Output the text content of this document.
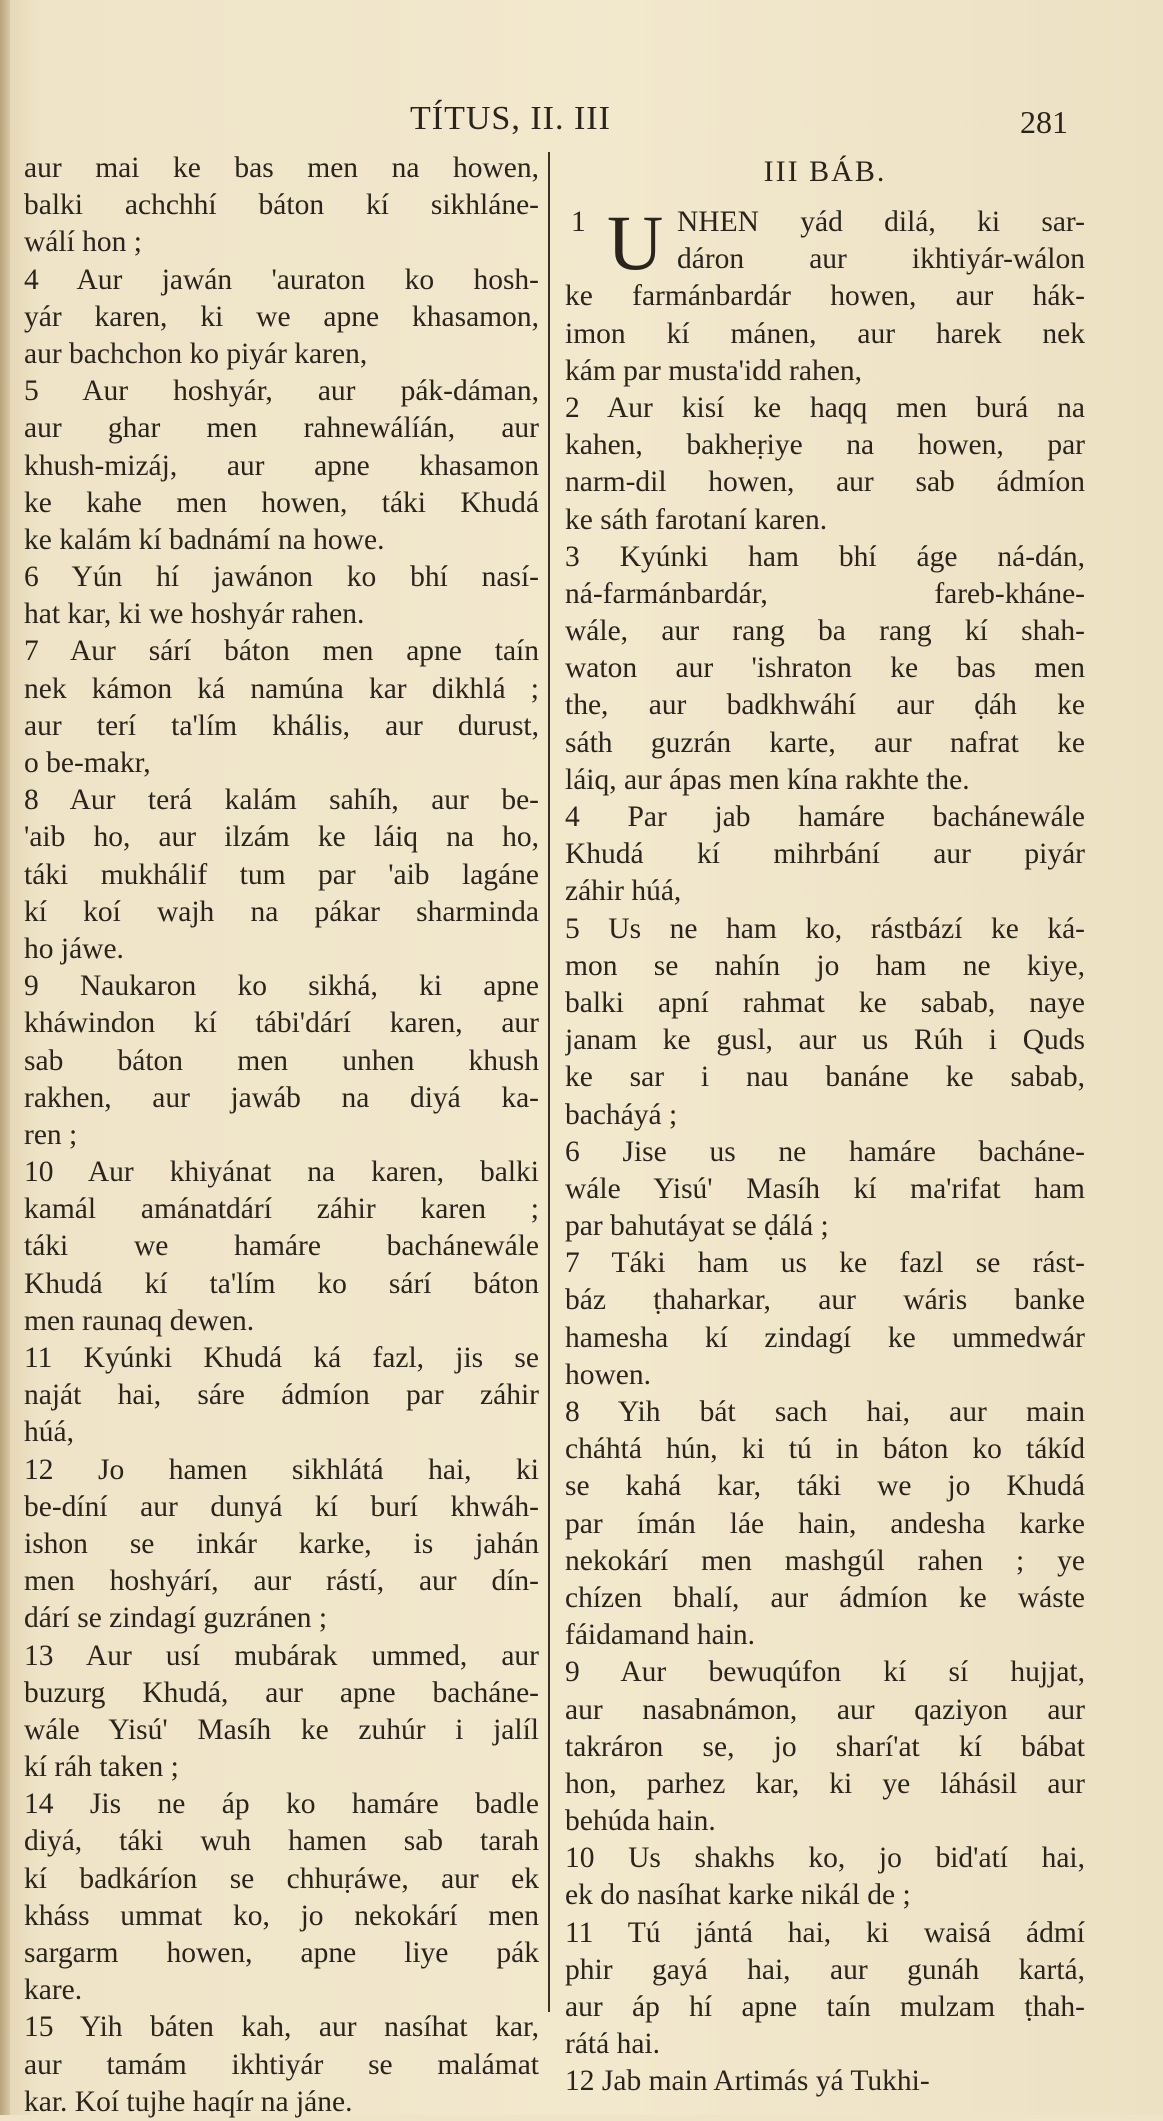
TÍTUS, II. III	281
aur mai ke bas men na howen,
balki achchhí báton kí sikhláne-
wálí hon ;
4 Aur jawán 'auraton ko hosh-
yár karen, ki we apne khasamon,
aur bachchon ko piyár karen,
5 Aur hoshyár, aur pák-dáman,
aur ghar men rahnewálíán, aur
khush-mizáj, aur apne khasamon
ke kahe men howen, táki Khudá
ke kalám kí badnámí na howe.
6 Yún hí jawánon ko bhí nasí-
hat kar, ki we hoshyár rahen.
7 Aur sárí báton men apne taín
nek kámon ká namúna kar dikhlá ;
aur terí ta'lím khális, aur durust,
o be-makr,
8 Aur terá kalám sahíh, aur be-
'aib ho, aur ilzám ke láiq na ho,
táki mukhálif tum par 'aib lagáne
kí koí wajh na pákar sharminda
ho jáwe.
9 Naukaron ko sikhá, ki apne
kháwindon kí tábi'dárí karen, aur
sab báton men unhen khush
rakhen, aur jawáb na diyá ka-
ren ;
10 Aur khiyánat na karen, balki
kamál amánatdárí záhir karen ;
táki we hamáre bachánewále
Khudá kí ta'lím ko sárí báton
men raunaq dewen.
11 Kyúnki Khudá ká fazl, jis se
naját hai, sáre ádmíon par záhir
húá,
12 Jo hamen sikhlátá hai, ki
be-díní aur dunyá kí burí khwáh-
ishon se inkár karke, is jahán
men hoshyárí, aur rástí, aur dín-
dárí se zindagí guzránen ;
13 Aur usí mubárak ummed, aur
buzurg Khudá, aur apne bacháne-
wále Yisú' Masíh ke zuhúr i jalíl
kí ráh taken ;
14 Jis ne áp ko hamáre badle
diyá, táki wuh hamen sab tarah
kí badkáríon se chhuṛáwe, aur ek
kháss ummat ko, jo nekokárí men
sargarm howen, apne liye pák
kare.
15 Yih báten kah, aur nasíhat kar,
aur tamám ikhtiyár se malámat
kar. Koí tujhe haqír na jáne.
III BÁB.
1 U NHEN yád dilá, ki sar-
dáron aur ikhtiyár-wálon
ke farmánbardár howen, aur hák-
imon kí mánen, aur harek nek
kám par musta'idd rahen,
2 Aur kisí ke haqq men burá na
kahen, bakheṛiye na howen, par
narm-dil howen, aur sab ádmíon
ke sáth farotaní karen.
3 Kyúnki ham bhí áge ná-dán,
ná-farmánbardár, fareb-kháne-
wále, aur rang ba rang kí shah-
waton aur 'ishraton ke bas men
the, aur badkhwáhí aur ḍáh ke
sáth guzrán karte, aur nafrat ke
láiq, aur ápas men kína rakhte the.
4 Par jab hamáre bachánewále
Khudá kí mihrbání aur piyár
záhir húá,
5 Us ne ham ko, rástbází ke ká-
mon se nahín jo ham ne kiye,
balki apní rahmat ke sabab, naye
janam ke gusl, aur us Rúh i Quds
ke sar i nau banáne ke sabab,
bacháyá ;
6 Jise us ne hamáre bacháne-
wále Yisú' Masíh kí ma'rifat ham
par bahutáyat se ḍálá ;
7 Táki ham us ke fazl se rást-
báz ṭhaharkar, aur wáris banke
hamesha kí zindagí ke ummedwár
howen.
8 Yih bát sach hai, aur main
cháhtá hún, ki tú in báton ko tákíd
se kahá kar, táki we jo Khudá
par ímán láe hain, andesha karke
nekokárí men mashgúl rahen ; ye
chízen bhalí, aur ádmíon ke wáste
fáidamand hain.
9 Aur bewuqúfon kí sí hujjat,
aur nasabnámon, aur qaziyon aur
takráron se, jo sharí'at kí bábat
hon, parhez kar, ki ye láhásil aur
behúda hain.
10 Us shakhs ko, jo bid'atí hai,
ek do nasíhat karke nikál de ;
11 Tú jántá hai, ki waisá ádmí
phir gayá hai, aur gunáh kartá,
aur áp hí apne taín mulzam ṭhah-
rátá hai.
12 Jab main Artimás yá Tukhi-
